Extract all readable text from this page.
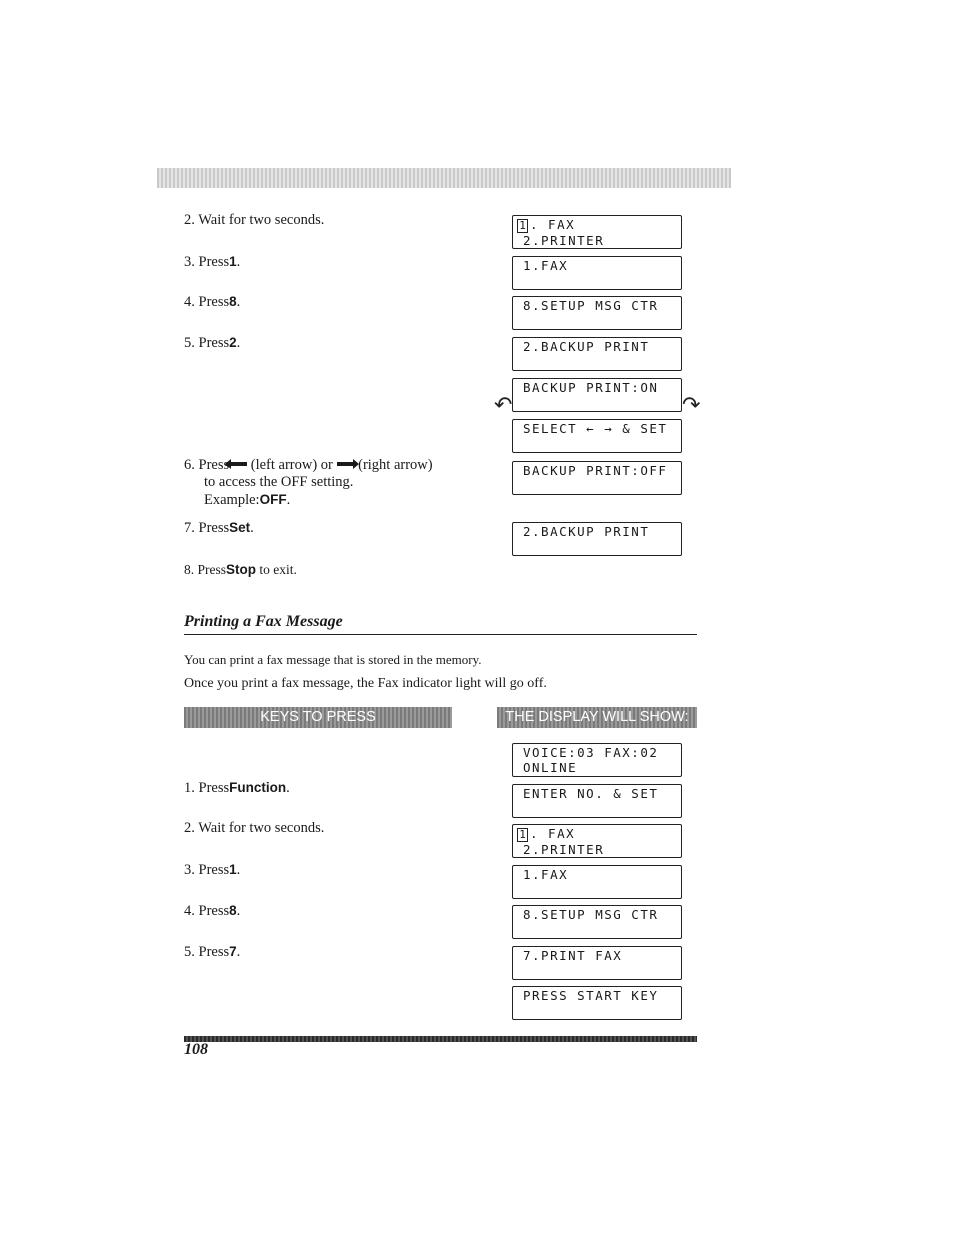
2. Wait for two seconds.
3. Press1.
4. Press8.
5. Press2.
6. Press (left arrow) or  (right arrow)
to access the OFF setting.
Example:OFF.
7. PressSet.
8. PressStop to exit.
1 . FAX
2.PRINTER
1.FAX
8.SETUP MSG CTR
2.BACKUP PRINT
BACKUP PRINT:ON
↶	↷
SELECT ← → & SET
BACKUP PRINT:OFF
2.BACKUP PRINT
Printing a Fax Message
You can print a fax message that is stored in the memory.
Once you print a fax message, the Fax indicator light will go off.
KEYS TO PRESS	THE DISPLAY WILL SHOW:
1. PressFunction.
2. Wait for two seconds.
3. Press1.
4. Press8.
5. Press7.
VOICE:03 FAX:02
ONLINE
ENTER NO. & SET
1 . FAX
2.PRINTER
1.FAX
8.SETUP MSG CTR
7.PRINT FAX
PRESS START KEY
108
